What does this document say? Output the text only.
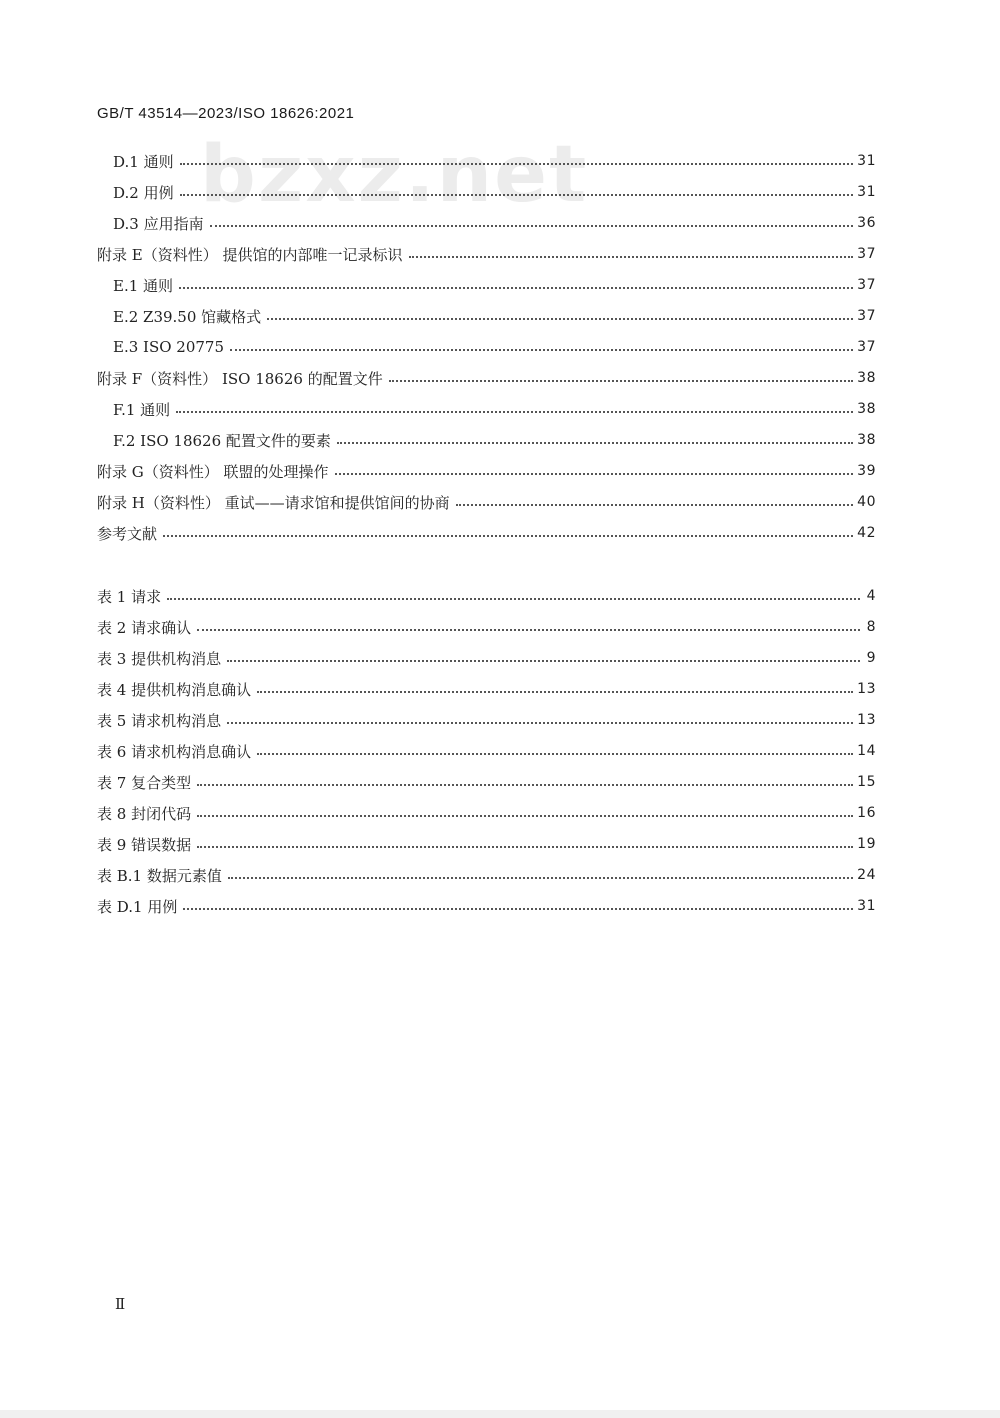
bzxz.net
GB/T 43514—2023/ISO 18626:2021
D.1 通则	31
D.2 用例	31
D.3 应用指南	36
附录 E（资料性） 提供馆的内部唯一记录标识	37
E.1 通则	37
E.2 Z39.50 馆藏格式	37
E.3 ISO 20775	37
附录 F（资料性） ISO 18626 的配置文件	38
F.1 通则	38
F.2 ISO 18626 配置文件的要素	38
附录 G（资料性） 联盟的处理操作	39
附录 H（资料性） 重试——请求馆和提供馆间的协商	40
参考文献	42
表 1 请求	4
表 2 请求确认	8
表 3 提供机构消息	9
表 4 提供机构消息确认	13
表 5 请求机构消息	13
表 6 请求机构消息确认	14
表 7 复合类型	15
表 8 封闭代码	16
表 9 错误数据	19
表 B.1 数据元素值	24
表 D.1 用例	31
Ⅱ
